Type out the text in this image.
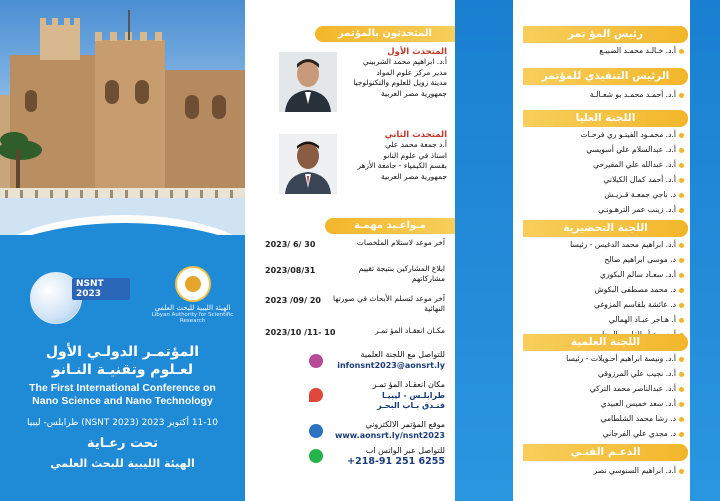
NSNT 2023
الهيئة الليبية للبحث العلمي
Libyan Authority for Scientific Research
المؤتمـر الدولـي الأول
لعـلوم وتقنيـة النـانو
The First International Conference on
Nano Science and Nano Technology
11-10 أكتوبر 2023 (NSNT 2023) طرابلس- ليبيا
تحت رعـاية
الهيئة الليبية للبحث العلمي
المتحدثون بالمؤتمر
المتحدث الأول
أ.د. ابراهيم محمد الشربيني
مدير مركز علوم المواد
مدينة زويل للعلوم والتكنولوجيا
جمهورية مصر العربية
المتحدث الثاني
أ.د جمعة محمد علي
استاذ في علوم النانو
بقسم الكيمياء - جامعة الأزهر
جمهورية مصر العربية
مـواعـيد مهمـة
2023/ 6/ 30	آخر موعد لاستلام الملخصات
2023/08/31	ابلاغ المشاركين بنتيجة تقييم مشاركاتهم
2023 /09/ 20	آخر موعد لتسلم الأبحاث في صورتها النهائية
2023/10 /11- 10	مكـان انعقـاد المؤ تمـر
للتواصل مع اللجنة العلمية
infonsnt2023@aonsrt.ly
مكان انعقـاد المؤ تمـر
طرابلـس - ليبيـا
فنـدق بـاب البحـر
موقع المؤتمر الالكتروني
www.aonsrt.ly/nsnt2023
للتواصل عبر الواتس اب
+218-91 251 6255
رئيس المؤ تمر
أ.د. خـالـد محمـد الضبيـع
الرئيس التنفيذي للمؤتمر
أ.د. أحمـد محمـد بو شعـالـة
اللجنة العليا
أ.د. محمـود الفيتـو ري فرحـات
أ.د. عبدالسلام علي أسويسي
أ.د. عبدالله علي المقيرحي
أ.د. أحمد كمال الكيلاني
د. ناجي جمعـة قـريـش
أ.د. زينب عمر الترهـونـي
اللجنة التحضيرية
أ.د. ابراهيم محمد الدغيس - رئيسا
د. موسى ابراهيم صالح
أ.د. سعـاد سالم البكوري
د. محمد مصطفى البكوش
د. عائشة بلقاسم المزوغي
أ. هـاجر عبـاد الهمالي
اللجنة العلمية
أ.د. ونيسة ابراهيم أحـويلات - رئيسا
أ.د. نجيب علي المرزوقي
أ.د. عبدالناصر محمد التركي
أ.د. سعد خميس العبيدي
د. رشا محمد الشلطامي
د. مجدي علي الفرجاني
الدعـم الفنـي
أ.د. ابراهيم السنوسي نصر
